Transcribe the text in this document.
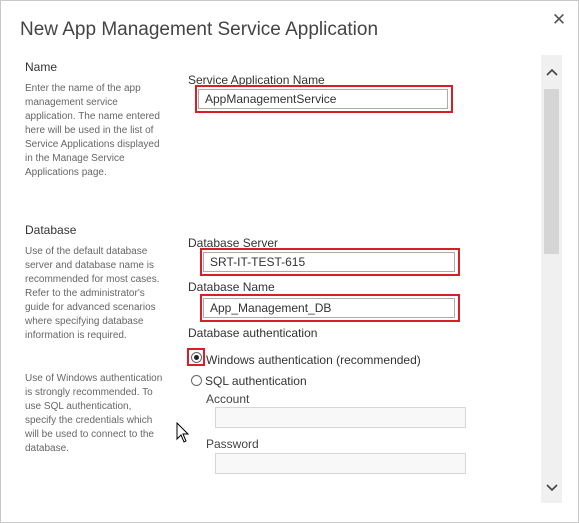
New App Management Service Application	✕
Name
Enter the name of the app management service application. The name entered here will be used in the list of Service Applications displayed in the Manage Service Applications page.
Service Application Name
AppManagementService
Database
Use of the default database server and database name is recommended for most cases. Refer to the administrator's guide for advanced scenarios where specifying database information is required.
Use of Windows authentication is strongly recommended. To use SQL authentication, specify the credentials which will be used to connect to the database.
Database Server
SRT-IT-TEST-615
Database Name
App_Management_DB
Database authentication
Windows authentication (recommended)
SQL authentication
Account
Password
